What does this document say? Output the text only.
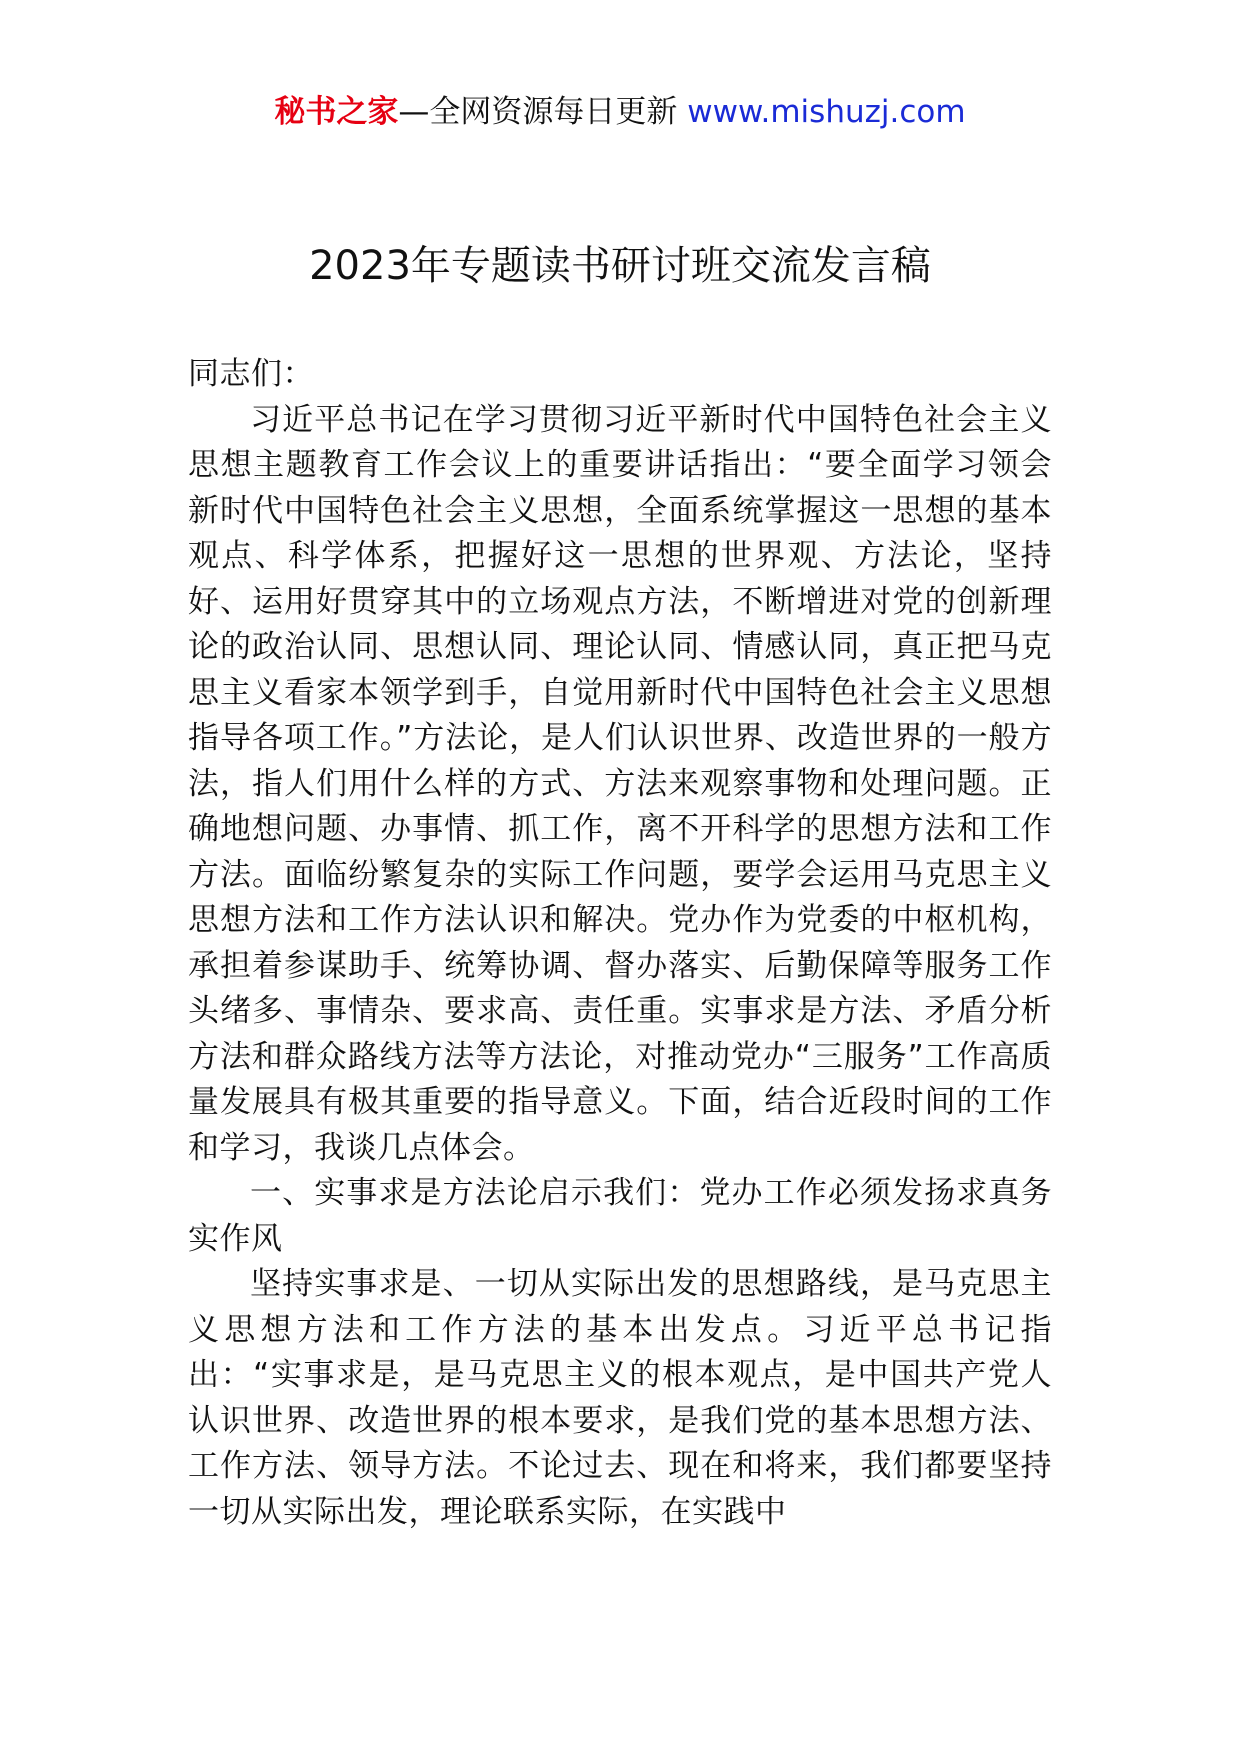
秘书之家—全网资源每日更新 www.mishuzj.com
2023年专题读书研讨班交流发言稿

同志们：

习近平总书记在学习贯彻习近平新时代中国特色社会主义思想主题教育工作会议上的重要讲话指出：“要全面学习领会新时代中国特色社会主义思想，全面系统掌握这一思想的基本观点、科学体系，把握好这一思想的世界观、方法论，坚持好、运用好贯穿其中的立场观点方法，不断增进对党的创新理论的政治认同、思想认同、理论认同、情感认同，真正把马克思主义看家本领学到手，自觉用新时代中国特色社会主义思想指导各项工作。”方法论，是人们认识世界、改造世界的一般方法，指人们用什么样的方式、方法来观察事物和处理问题。正确地想问题、办事情、抓工作，离不开科学的思想方法和工作方法。面临纷繁复杂的实际工作问题，要学会运用马克思主义思想方法和工作方法认识和解决。党办作为党委的中枢机构，承担着参谋助手、统筹协调、督办落实、后勤保障等服务工作头绪多、事情杂、要求高、责任重。实事求是方法、矛盾分析方法和群众路线方法等方法论，对推动党办“三服务”工作高质量发展具有极其重要的指导意义。下面，结合近段时间的工作和学习，我谈几点体会。

一、实事求是方法论启示我们：党办工作必须发扬求真务实作风

坚持实事求是、一切从实际出发的思想路线，是马克思主义思想方法和工作方法的基本出发点。习近平总书记指出：“实事求是，是马克思主义的根本观点，是中国共产党人认识世界、改造世界的根本要求，是我们党的基本思想方法、工作方法、领导方法。不论过去、现在和将来，我们都要坚持一切从实际出发，理论联系实际，在实践中
